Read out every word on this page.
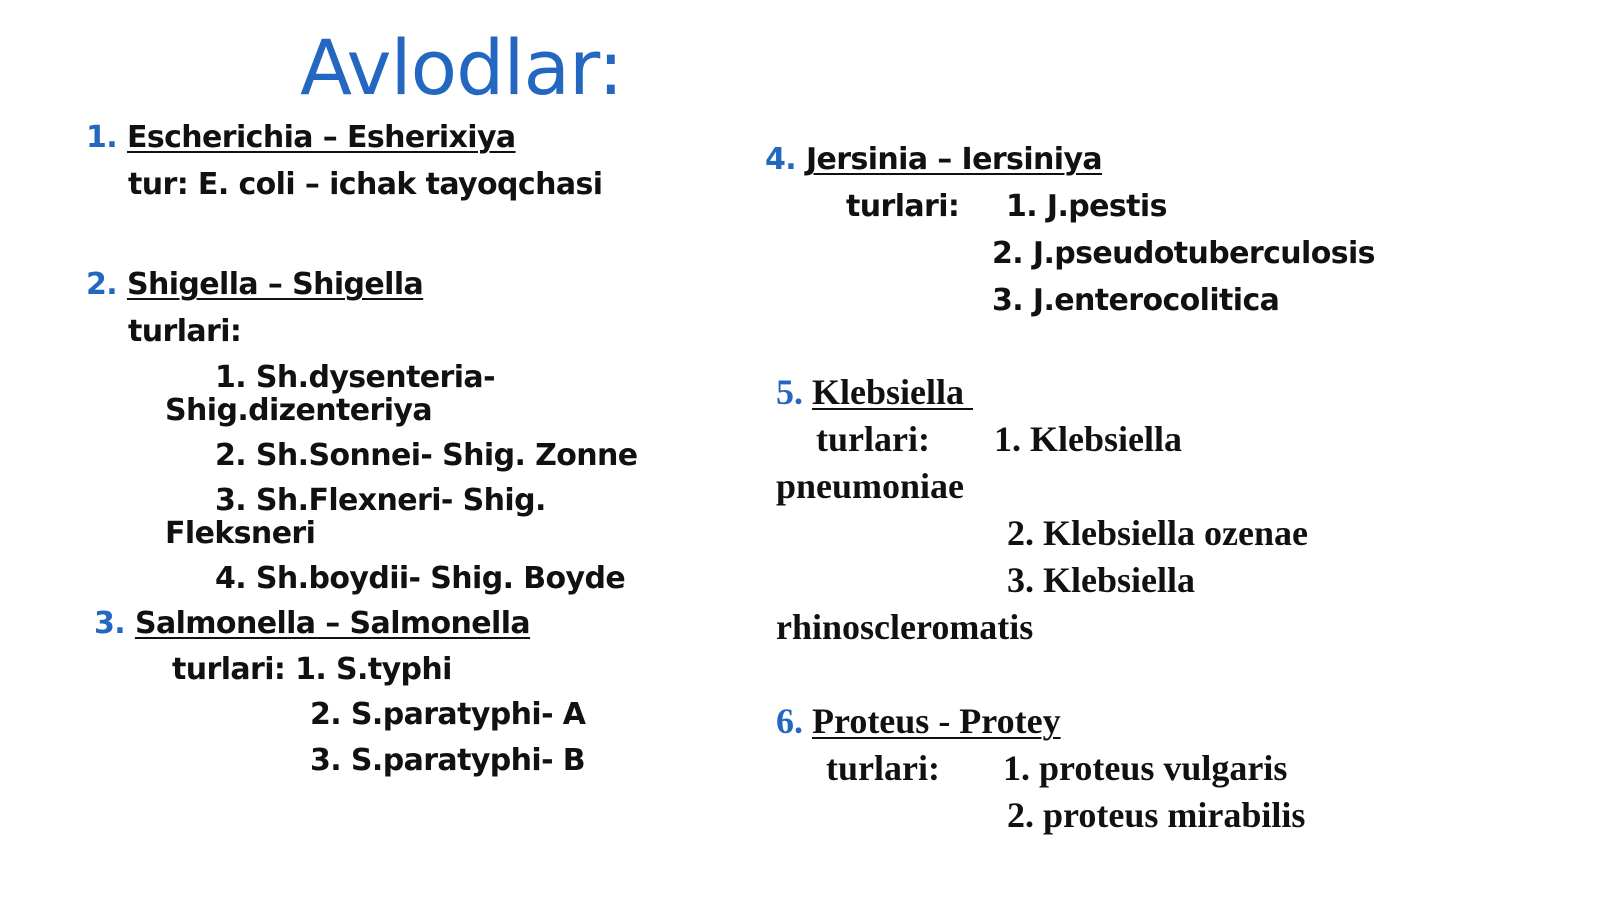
Avlodlar:
1. Escherichia – Esherixiya
tur: E. coli – ichak tayoqchasi
2. Shigella – Shigella
turlari:
1. Sh.dysenteria-
Shig.dizenteriya
2. Sh.Sonnei- Shig. Zonne
3. Sh.Flexneri- Shig.
Fleksneri
4. Sh.boydii- Shig. Boyde
3. Salmonella – Salmonella
turlari: 1. S.typhi
2. S.paratyphi- A
3. S.paratyphi- B
4. Jersinia – Iersiniya
turlari: 1. J.pestis
2. J.pseudotuberculosis
3. J.enterocolitica
5. Klebsiella
turlari: 1. Klebsiella
pneumoniae
2. Klebsiella ozenae
3. Klebsiella
rhinoscleromatis
6. Proteus - Protey
turlari: 1. proteus vulgaris
2. proteus mirabilis
